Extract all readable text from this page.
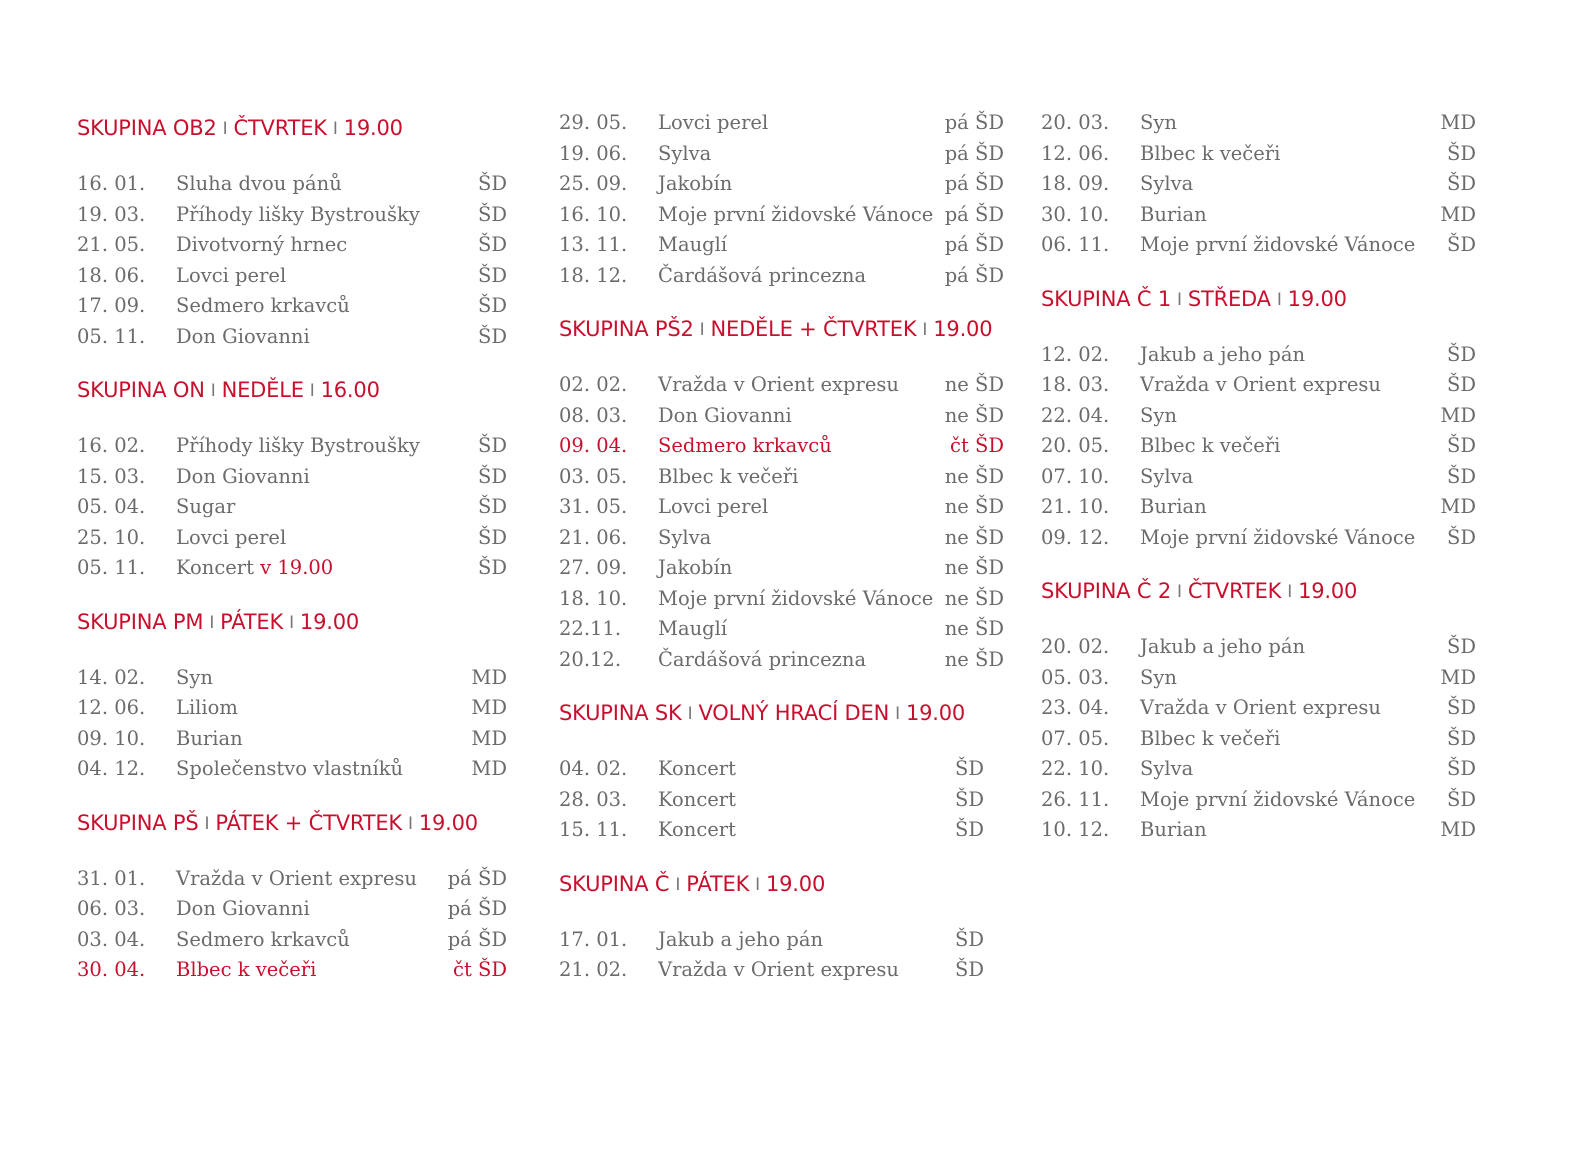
SKUPINA OB2 I ČTVRTEK I 19.00
16. 01. Sluha dvou pánů	ŠD
19. 03. Příhody lišky Bystroušky	ŠD
21. 05. Divotvorný hrnec	ŠD
18. 06. Lovci perel	ŠD
17. 09. Sedmero krkavců	ŠD
05. 11. Don Giovanni	ŠD
SKUPINA ON I NEDĚLE I 16.00
16. 02. Příhody lišky Bystroušky	ŠD
15. 03. Don Giovanni	ŠD
05. 04. Sugar	ŠD
25. 10. Lovci perel	ŠD
05. 11. Koncert v 19.00	ŠD
SKUPINA PM I PÁTEK I 19.00
14. 02. Syn	MD
12. 06. Liliom	MD
09. 10. Burian	MD
04. 12. Společenstvo vlastníků	MD
SKUPINA PŠ I PÁTEK + ČTVRTEK I 19.00
31. 01. Vražda v Orient expresu pá ŠD
06. 03. Don Giovanni	pá ŠD
03. 04. Sedmero krkavců	pá ŠD
30. 04. Blbec k večeři	čt ŠD
29. 05. Lovci perel	pá ŠD
19. 06. Sylva	pá ŠD
25. 09. Jakobín	pá ŠD
16. 10. Moje první židovské Vánoce pá ŠD
13. 11. Mauglí	pá ŠD
18. 12. Čardášová princezna	pá ŠD
SKUPINA PŠ2 I NEDĚLE + ČTVRTEK I 19.00
02. 02. Vražda v Orient expresu ne ŠD
08. 03. Don Giovanni	ne ŠD
09. 04. Sedmero krkavců	čt ŠD
03. 05. Blbec k večeři	ne ŠD
31. 05. Lovci perel	ne ŠD
21. 06. Sylva	ne ŠD
27. 09. Jakobín	ne ŠD
18. 10. Moje první židovské Vánoce ne ŠD
22.11. Mauglí	ne ŠD
20.12. Čardášová princezna	ne ŠD
SKUPINA SK I VOLNÝ HRACÍ DEN I 19.00
04. 02. Koncert	ŠD
28. 03. Koncert	ŠD
15. 11. Koncert	ŠD
SKUPINA Č I PÁTEK I 19.00
17. 01. Jakub a jeho pán	ŠD
21. 02. Vražda v Orient expresu	ŠD
20. 03. Syn	MD
12. 06. Blbec k večeři	ŠD
18. 09. Sylva	ŠD
30. 10. Burian	MD
06. 11. Moje první židovské Vánoce ŠD
SKUPINA Č 1 I STŘEDA I 19.00
12. 02. Jakub a jeho pán	ŠD
18. 03. Vražda v Orient expresu	ŠD
22. 04. Syn	MD
20. 05. Blbec k večeři	ŠD
07. 10. Sylva	ŠD
21. 10. Burian	MD
09. 12. Moje první židovské Vánoce ŠD
SKUPINA Č 2 I ČTVRTEK I 19.00
20. 02. Jakub a jeho pán	ŠD
05. 03. Syn	MD
23. 04. Vražda v Orient expresu	ŠD
07. 05. Blbec k večeři	ŠD
22. 10. Sylva	ŠD
26. 11. Moje první židovské Vánoce ŠD
10. 12. Burian	MD
